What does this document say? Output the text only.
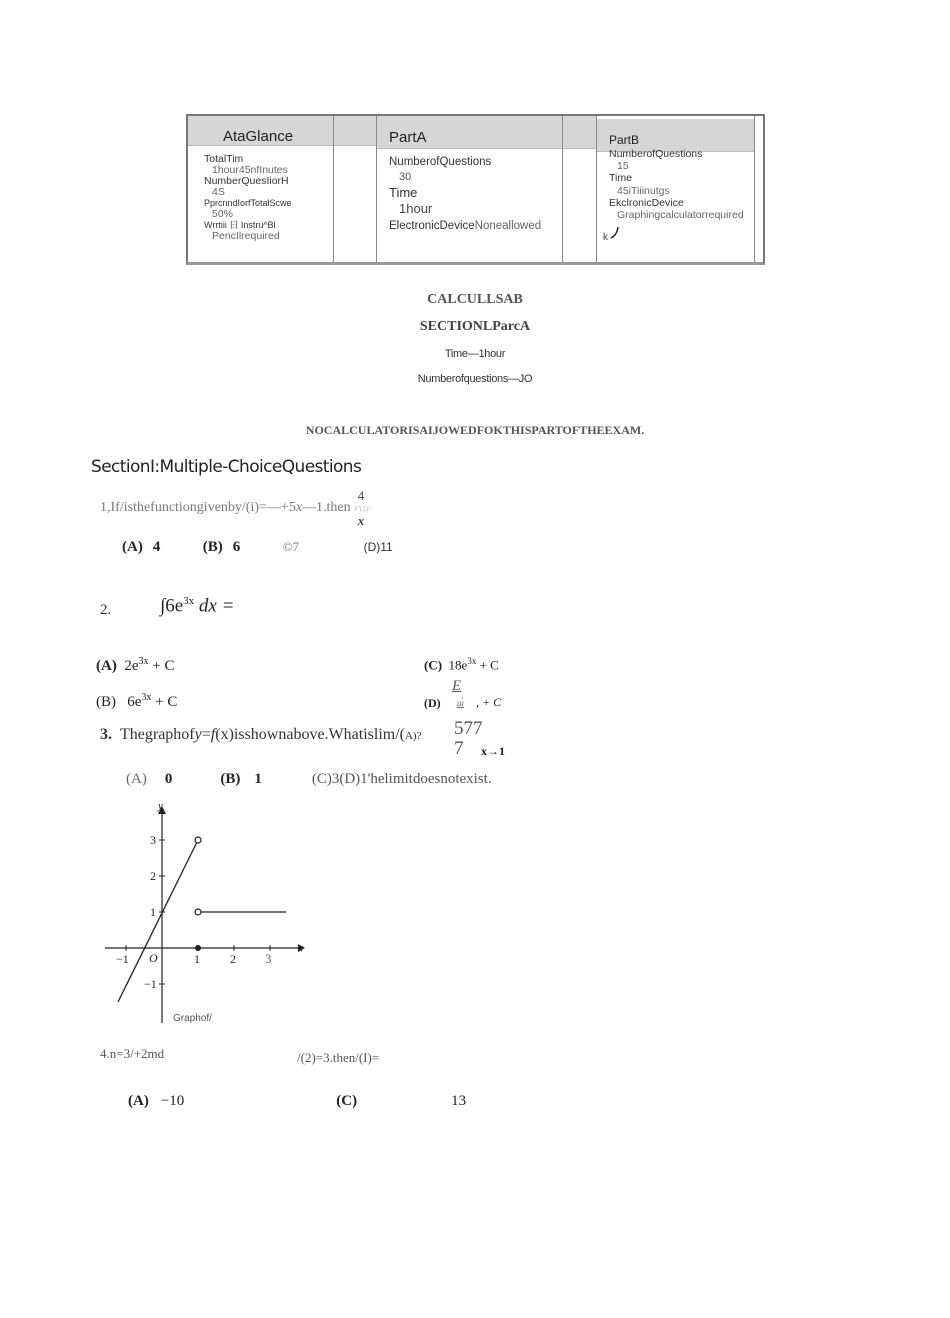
AtaGlance
TotalTim
1hour45nfInutes
NumberQuesIiorH
4S
PprcnndIorfTotalScwe
50%
Wrrtiii 日 Instru^Bl
PencIlrequired
PartA
NumberofQuestions
30
Time
1hour
ElectronicDeviceNoneallowed
PartB
NumberofQuestions
15
Time
45iTiiinutgs
EkclronicDevice
Graphingcalculatorrequired
k
CALCULLSAB
SECTIONLParcA
Time—1hour
Numberofquestions—JO
NOCALCULATORISAIJOWEDFOKTHISPARTOFTHEEXAM.
SectionI:Multiple-ChoiceQuestions
1,If/isthefunctiongivenby/(i)=—+5x—1.then F'(2)=
4
x
(A) 4	(B) 6	©7	(D)11
2.	$\int 6e^{3x}$ dx =
(A) $2e^{3x} + C$
(B) $6e^{3x} + C$
(C) $18e^{3x} + C$
(D)
E
ш́ , + C
3. Thegraphofy=f(x)isshownabove.Whatislim/(A)? 577
7 x→1
(A) 0	(B) 1	(C)3(D)1'helimitdoesnotexist.
y
x
O
−1	1	2 3
3
2
1
−1
Graphof/
4.n=3/+2md	/(2)=3.then/(I)=
(A) −10	(C)	13
